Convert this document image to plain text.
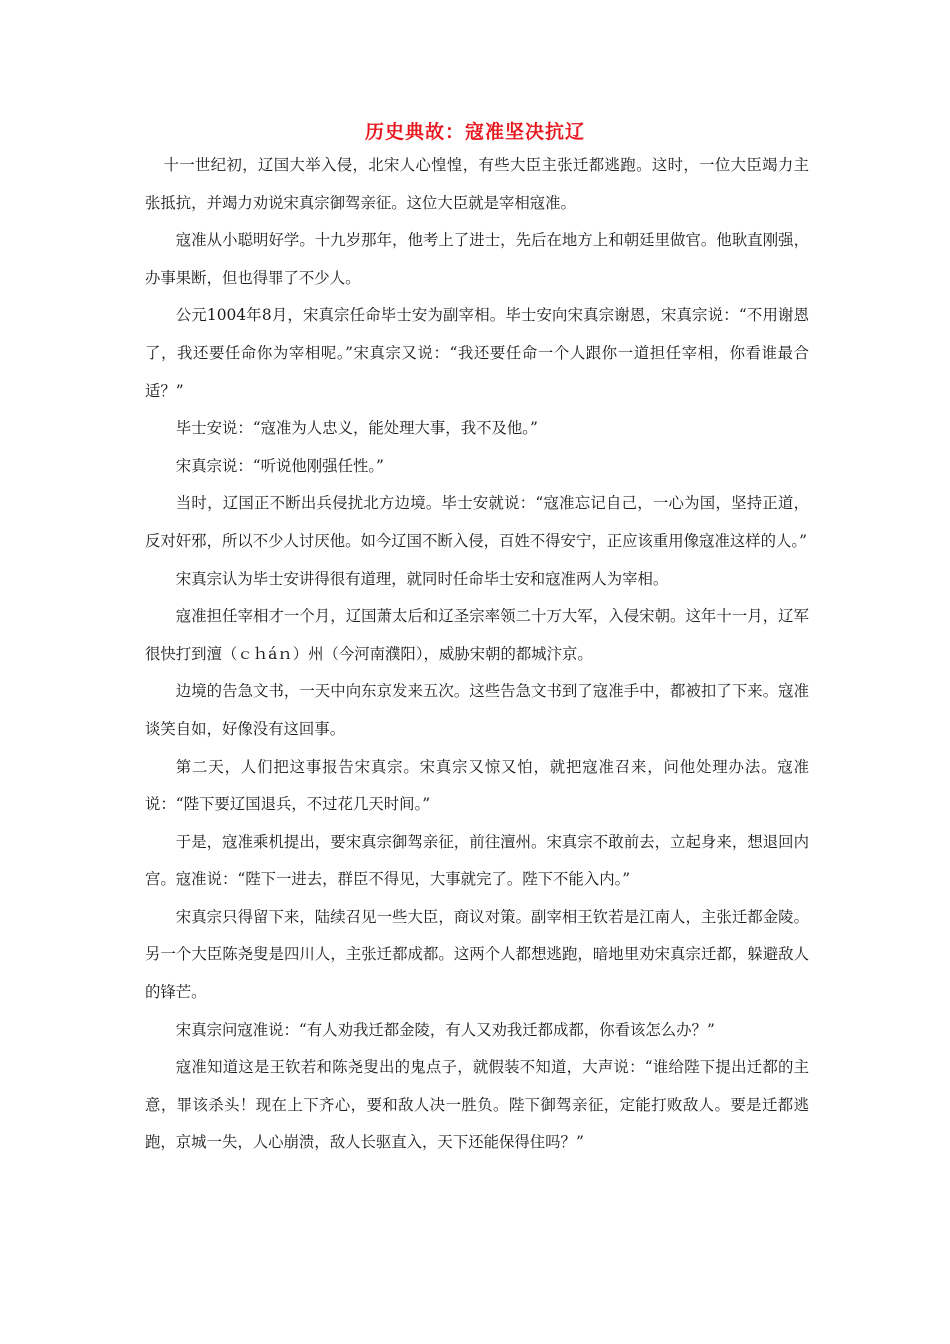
历史典故：寇准坚决抗辽

十一世纪初，辽国大举入侵，北宋人心惶惶，有些大臣主张迁都逃跑。这时，一位大臣竭力主张抵抗，并竭力劝说宋真宗御驾亲征。这位大臣就是宰相寇准。

寇准从小聪明好学。十九岁那年，他考上了进士，先后在地方上和朝廷里做官。他耿直刚强，办事果断，但也得罪了不少人。

公元1004年8月，宋真宗任命毕士安为副宰相。毕士安向宋真宗谢恩，宋真宗说：“不用谢恩了，我还要任命你为宰相呢。”宋真宗又说：“我还要任命一个人跟你一道担任宰相，你看谁最合适？”

毕士安说：“寇准为人忠义，能处理大事，我不及他。”

宋真宗说：“听说他刚强任性。”

当时，辽国正不断出兵侵扰北方边境。毕士安就说：“寇准忘记自己，一心为国，坚持正道，反对奸邪，所以不少人讨厌他。如今辽国不断入侵，百姓不得安宁，正应该重用像寇准这样的人。”

宋真宗认为毕士安讲得很有道理，就同时任命毕士安和寇准两人为宰相。

寇准担任宰相才一个月，辽国萧太后和辽圣宗率领二十万大军，入侵宋朝。这年十一月，辽军很快打到澶（ｃｈáｎ）州（今河南濮阳），威胁宋朝的都城汴京。

边境的告急文书，一天中向东京发来五次。这些告急文书到了寇准手中，都被扣了下来。寇准谈笑自如，好像没有这回事。

第二天，人们把这事报告宋真宗。宋真宗又惊又怕，就把寇准召来，问他处理办法。寇准说：“陛下要辽国退兵，不过花几天时间。”

于是，寇准乘机提出，要宋真宗御驾亲征，前往澶州。宋真宗不敢前去，立起身来，想退回内宫。寇准说：“陛下一进去，群臣不得见，大事就完了。陛下不能入内。”

宋真宗只得留下来，陆续召见一些大臣，商议对策。副宰相王钦若是江南人，主张迁都金陵。另一个大臣陈尧叟是四川人，主张迁都成都。这两个人都想逃跑，暗地里劝宋真宗迁都，躲避敌人的锋芒。

宋真宗问寇准说：“有人劝我迁都金陵，有人又劝我迁都成都，你看该怎么办？”

寇准知道这是王钦若和陈尧叟出的鬼点子，就假装不知道，大声说：“谁给陛下提出迁都的主意，罪该杀头！现在上下齐心，要和敌人决一胜负。陛下御驾亲征，定能打败敌人。要是迁都逃跑，京城一失，人心崩溃，敌人长驱直入，天下还能保得住吗？”
